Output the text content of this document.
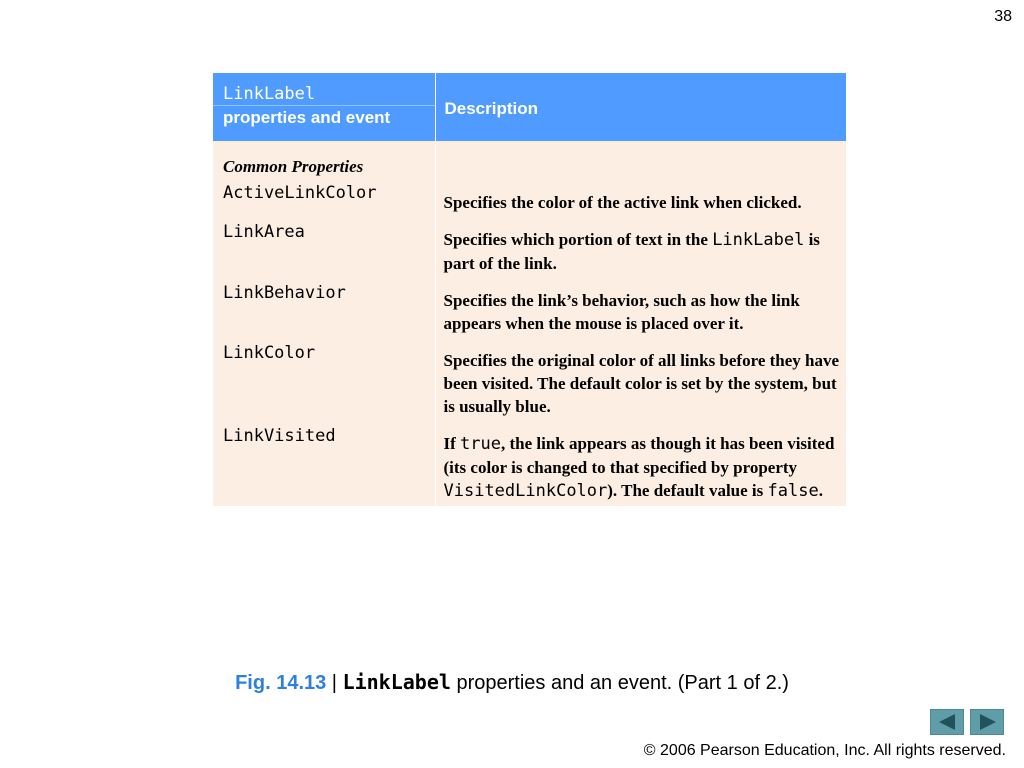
38
LinkLabel
properties and event	Description

Common Properties	

ActiveLinkColor	Specifies the color of the active link when clicked.

LinkArea	Specifies which portion of text in the LinkLabel is part of the link.

LinkBehavior	Specifies the link’s behavior, such as how the link appears when the mouse is placed over it.

LinkColor	Specifies the original color of all links before they have been visited. The default color is set by the system, but is usually blue.

LinkVisited	If true, the link appears as though it has been visited (its color is changed to that specified by property VisitedLinkColor). The default value is false.
Fig. 14.13 | LinkLabel properties and an event. (Part 1 of 2.)
© 2006 Pearson Education, Inc. All rights reserved.
